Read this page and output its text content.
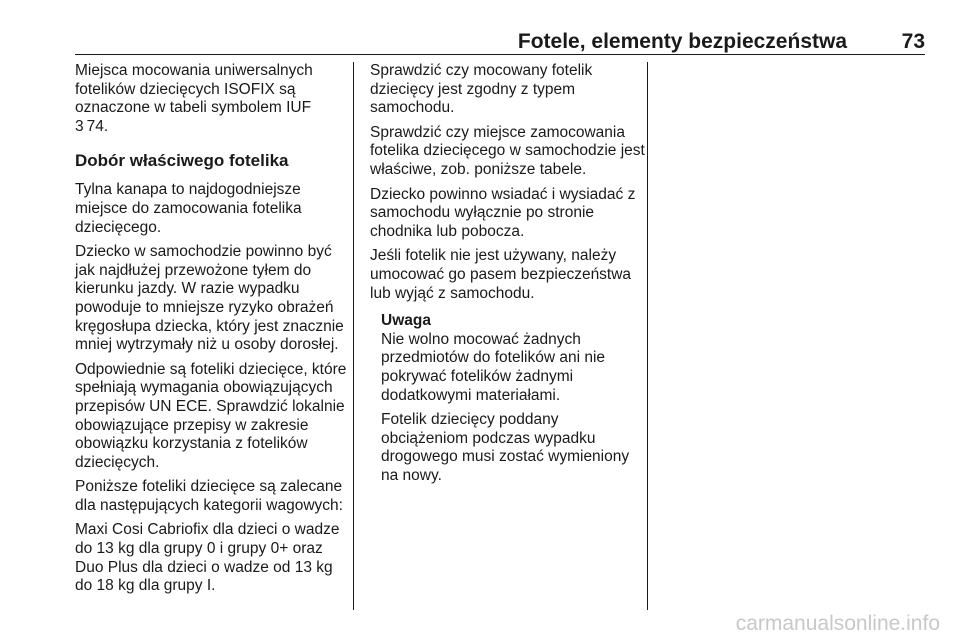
Fotele, elementy bezpieczeństwa	73

Miejsca mocowania uniwersalnych fotelików dziecięcych ISOFIX są oznaczone w tabeli symbolem IUF
3 74.

Dobór właściwego fotelika

Tylna kanapa to najdogodniejsze miejsce do zamocowania fotelika dziecięcego.

Dziecko w samochodzie powinno być jak najdłużej przewożone tyłem do kierunku jazdy. W razie wypadku powoduje to mniejsze ryzyko obrażeń kręgosłupa dziecka, który jest znacznie mniej wytrzymały niż u osoby dorosłej.

Odpowiednie są foteliki dziecięce, które spełniają wymagania obowiązujących przepisów UN ECE. Sprawdzić lokalnie obowiązujące przepisy w zakresie obowiązku korzystania z fotelików dziecięcych.

Poniższe foteliki dziecięce są zalecane dla następujących kategorii wagowych:

Maxi Cosi Cabriofix dla dzieci o wadze do 13 kg dla grupy 0 i grupy 0+ oraz Duo Plus dla dzieci o wadze od 13 kg do 18 kg dla grupy I.

Sprawdzić czy mocowany fotelik dziecięcy jest zgodny z typem samochodu.

Sprawdzić czy miejsce zamocowania fotelika dziecięcego w samochodzie jest właściwe, zob. poniższe tabele.

Dziecko powinno wsiadać i wysiadać z samochodu wyłącznie po stronie chodnika lub pobocza.

Jeśli fotelik nie jest używany, należy umocować go pasem bezpieczeństwa lub wyjąć z samochodu.

Uwaga

Nie wolno mocować żadnych przedmiotów do fotelików ani nie pokrywać fotelików żadnymi dodatkowymi materiałami.

Fotelik dziecięcy poddany obciążeniom podczas wypadku drogowego musi zostać wymieniony na nowy.

carmanualsonline.info
